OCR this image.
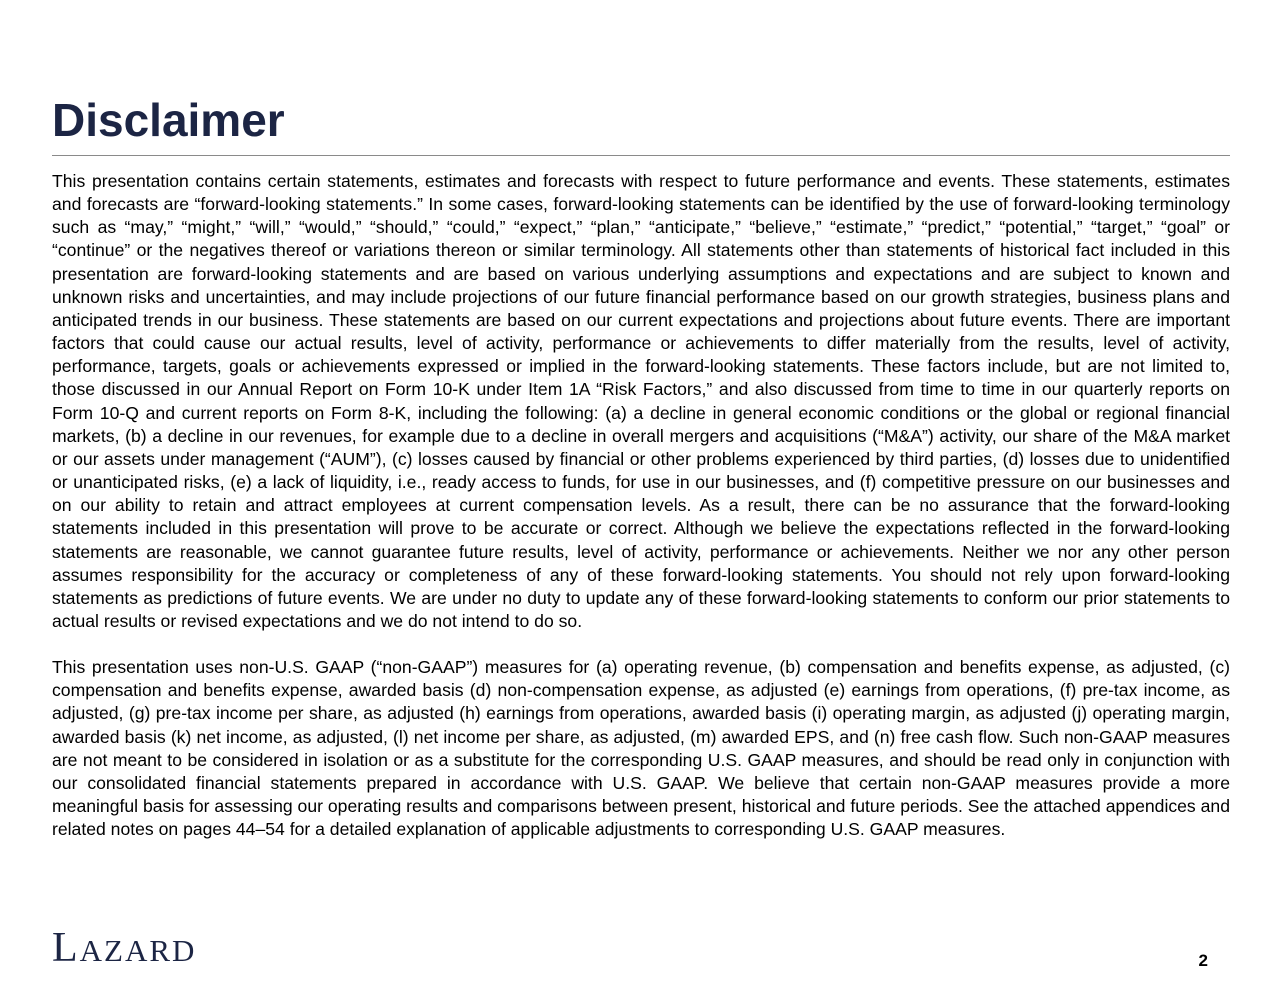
Disclaimer

This presentation contains certain statements, estimates and forecasts with respect to future performance and events. These statements, estimates and forecasts are “forward-looking statements.” In some cases, forward-looking statements can be identified by the use of forward-looking terminology such as “may,” “might,” “will,” “would,” “should,” “could,” “expect,” “plan,” “anticipate,” “believe,” “estimate,” “predict,” “potential,” “target,” “goal” or “continue” or the negatives thereof or variations thereon or similar terminology. All statements other than statements of historical fact included in this presentation are forward-looking statements and are based on various underlying assumptions and expectations and are subject to known and unknown risks and uncertainties, and may include projections of our future financial performance based on our growth strategies, business plans and anticipated trends in our business. These statements are based on our current expectations and projections about future events. There are important factors that could cause our actual results, level of activity, performance or achievements to differ materially from the results, level of activity, performance, targets, goals or achievements expressed or implied in the forward-looking statements. These factors include, but are not limited to, those discussed in our Annual Report on Form 10-K under Item 1A “Risk Factors,” and also discussed from time to time in our quarterly reports on Form 10-Q and current reports on Form 8-K, including the following: (a) a decline in general economic conditions or the global or regional financial markets, (b) a decline in our revenues, for example due to a decline in overall mergers and acquisitions (“M&A”) activity, our share of the M&A market or our assets under management (“AUM”), (c) losses caused by financial or other problems experienced by third parties, (d) losses due to unidentified or unanticipated risks, (e) a lack of liquidity, i.e., ready access to funds, for use in our businesses, and (f) competitive pressure on our businesses and on our ability to retain and attract employees at current compensation levels. As a result, there can be no assurance that the forward-looking statements included in this presentation will prove to be accurate or correct. Although we believe the expectations reflected in the forward-looking statements are reasonable, we cannot guarantee future results, level of activity, performance or achievements. Neither we nor any other person assumes responsibility for the accuracy or completeness of any of these forward-looking statements. You should not rely upon forward-looking statements as predictions of future events. We are under no duty to update any of these forward-looking statements to conform our prior statements to actual results or revised expectations and we do not intend to do so.

This presentation uses non-U.S. GAAP (“non-GAAP”) measures for (a) operating revenue, (b) compensation and benefits expense, as adjusted, (c) compensation and benefits expense, awarded basis (d) non-compensation expense, as adjusted (e) earnings from operations, (f) pre-tax income, as adjusted, (g) pre-tax income per share, as adjusted (h) earnings from operations, awarded basis (i) operating margin, as adjusted (j) operating margin, awarded basis (k) net income, as adjusted, (l) net income per share, as adjusted, (m) awarded EPS, and (n) free cash flow. Such non-GAAP measures are not meant to be considered in isolation or as a substitute for the corresponding U.S. GAAP measures, and should be read only in conjunction with our consolidated financial statements prepared in accordance with U.S. GAAP. We believe that certain non-GAAP measures provide a more meaningful basis for assessing our operating results and comparisons between present, historical and future periods. See the attached appendices and related notes on pages 44–54 for a detailed explanation of applicable adjustments to corresponding U.S. GAAP measures.

LAZARD	2
